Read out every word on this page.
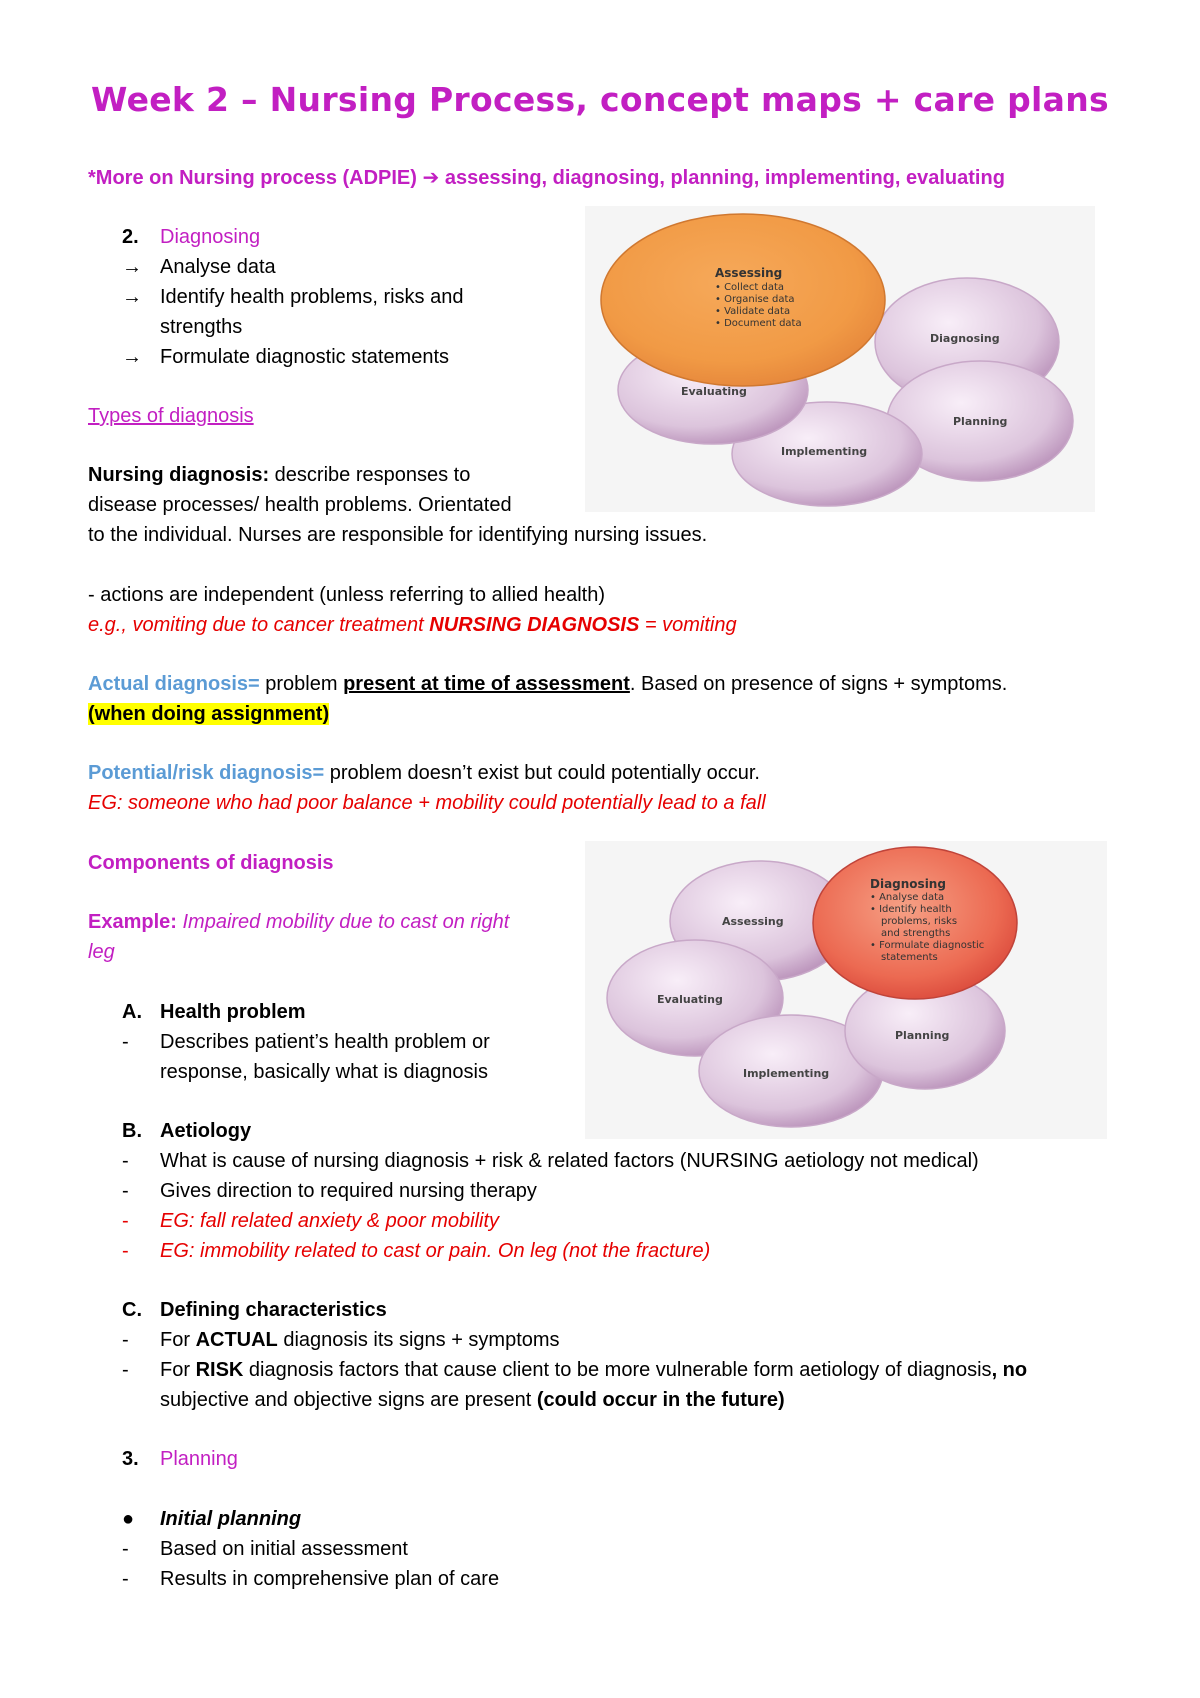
Week 2 – Nursing Process, concept maps + care plans
*More on Nursing process (ADPIE) ➔ assessing, diagnosing, planning, implementing, evaluating
2. Diagnosing
→ Analyse data
→ Identify health problems, risks and
strengths
→ Formulate diagnostic statements
Types of diagnosis
Nursing diagnosis: describe responses to
disease processes/ health problems. Orientated
to the individual. Nurses are responsible for identifying nursing issues.
- actions are independent (unless referring to allied health)
e.g., vomiting due to cancer treatment NURSING DIAGNOSIS = vomiting
Actual diagnosis= problem present at time of assessment. Based on presence of signs + symptoms.
(when doing assignment)
Potential/risk diagnosis= problem doesn’t exist but could potentially occur.
EG: someone who had poor balance + mobility could potentially lead to a fall
Components of diagnosis
Example: Impaired mobility due to cast on right
leg
A. Health problem
- Describes patient’s health problem or
response, basically what is diagnosis
B. Aetiology
- What is cause of nursing diagnosis + risk & related factors (NURSING aetiology not medical)
- Gives direction to required nursing therapy
- EG: fall related anxiety & poor mobility
- EG: immobility related to cast or pain. On leg (not the fracture)
C. Defining characteristics
- For ACTUAL diagnosis its signs + symptoms
- For RISK diagnosis factors that cause client to be more vulnerable form aetiology of diagnosis, no
subjective and objective signs are present (could occur in the future)
3. Planning
● Initial planning
- Based on initial assessment
- Results in comprehensive plan of care
Assessing
• Collect data
• Organise data
• Validate data
• Document data
Diagnosing
Planning
Implementing
Evaluating
Diagnosing
• Analyse data
• Identify health
problems, risks
and strengths
• Formulate diagnostic
statements
Assessing
Evaluating
Planning
Implementing
